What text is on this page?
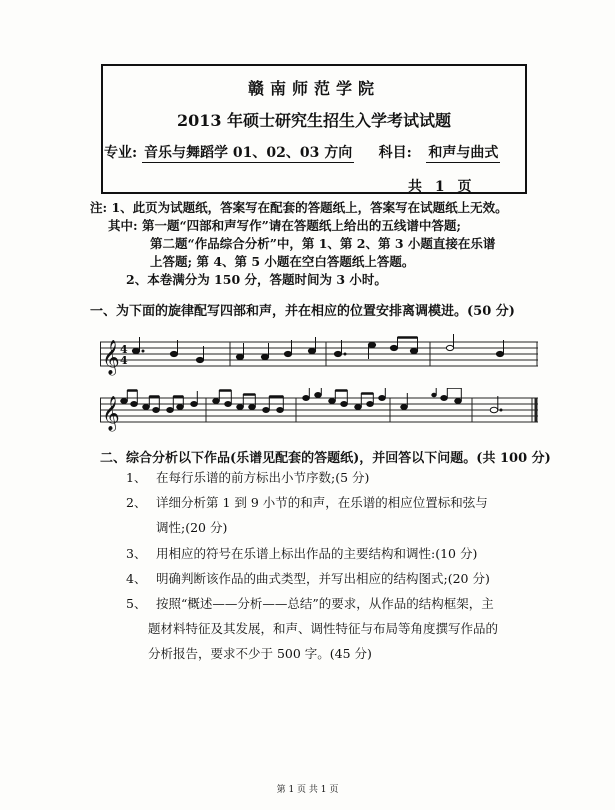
赣南师范学院
2013 年硕士研究生招生入学考试试题
专业: 音乐与舞蹈学 01、02、03 方向 科目: 和声与曲式
共 1 页
注: 1、此页为试题纸，答案写在配套的答题纸上，答案写在试题纸上无效。
其中: 第一题“四部和声写作”请在答题纸上给出的五线谱中答题;
第二题“作品综合分析”中，第 1、第 2、第 3 小题直接在乐谱
上答题; 第 4、第 5 小题在空白答题纸上答题。
2、本卷满分为 150 分，答题时间为 3 小时。
一、为下面的旋律配写四部和声，并在相应的位置安排离调模进。(50 分)
𝄞 4
4
𝄞
二、综合分析以下作品(乐谱见配套的答题纸)，并回答以下问题。(共 100 分)
1、 在每行乐谱的前方标出小节序数;(5 分)
2、 详细分析第 1 到 9 小节的和声，在乐谱的相应位置标和弦与
调性;(20 分)
3、 用相应的符号在乐谱上标出作品的主要结构和调性:(10 分)
4、 明确判断该作品的曲式类型，并写出相应的结构图式;(20 分)
5、 按照“概述——分析——总结”的要求，从作品的结构框架，主
题材料特征及其发展，和声、调性特征与布局等角度撰写作品的
分析报告，要求不少于 500 字。(45 分)
第 1 页 共 1 页
